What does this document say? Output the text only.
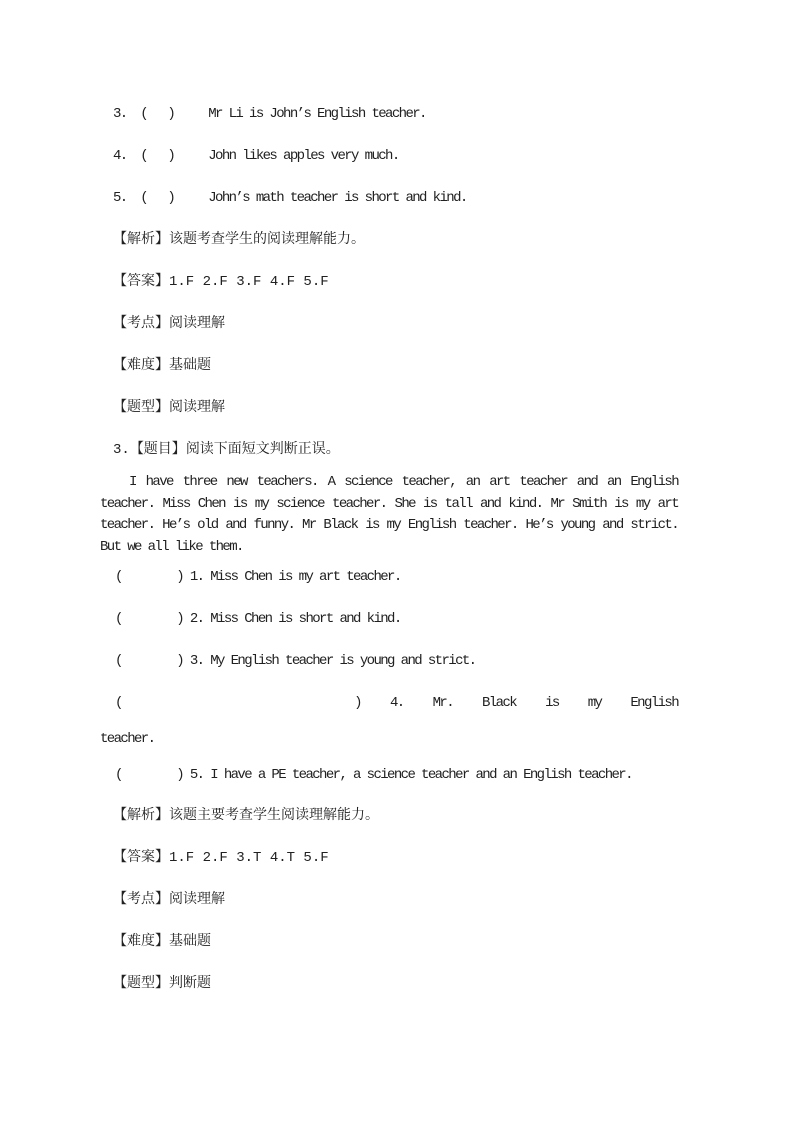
3.  (   )     Mr Li is John’s English teacher.
4.  (   )     John likes apples very much.
5.  (   )     John’s math teacher is short and kind.
【解析】该题考查学生的阅读理解能力。
【答案】1.F 2.F 3.F 4.F 5.F
【考点】阅读理解
【难度】基础题
【题型】阅读理解
3.【题目】阅读下面短文判断正误。
I have three new teachers. A science teacher, an art teacher and an English
teacher. Miss Chen is my science teacher. She is tall and kind. Mr Smith is my art
teacher. He’s old and funny. Mr Black is my English teacher. He’s young and strict.
But we all like them.
(        ) 1. Miss Chen is my art teacher.
(        ) 2. Miss Chen is short and kind.
(        ) 3. My English teacher is young and strict.
(        ) 4. Mr. Black is my English
teacher.
(        ) 5. I have a PE teacher, a science teacher and an English teacher.
【解析】该题主要考查学生阅读理解能力。
【答案】1.F 2.F 3.T 4.T 5.F
【考点】阅读理解
【难度】基础题
【题型】判断题
